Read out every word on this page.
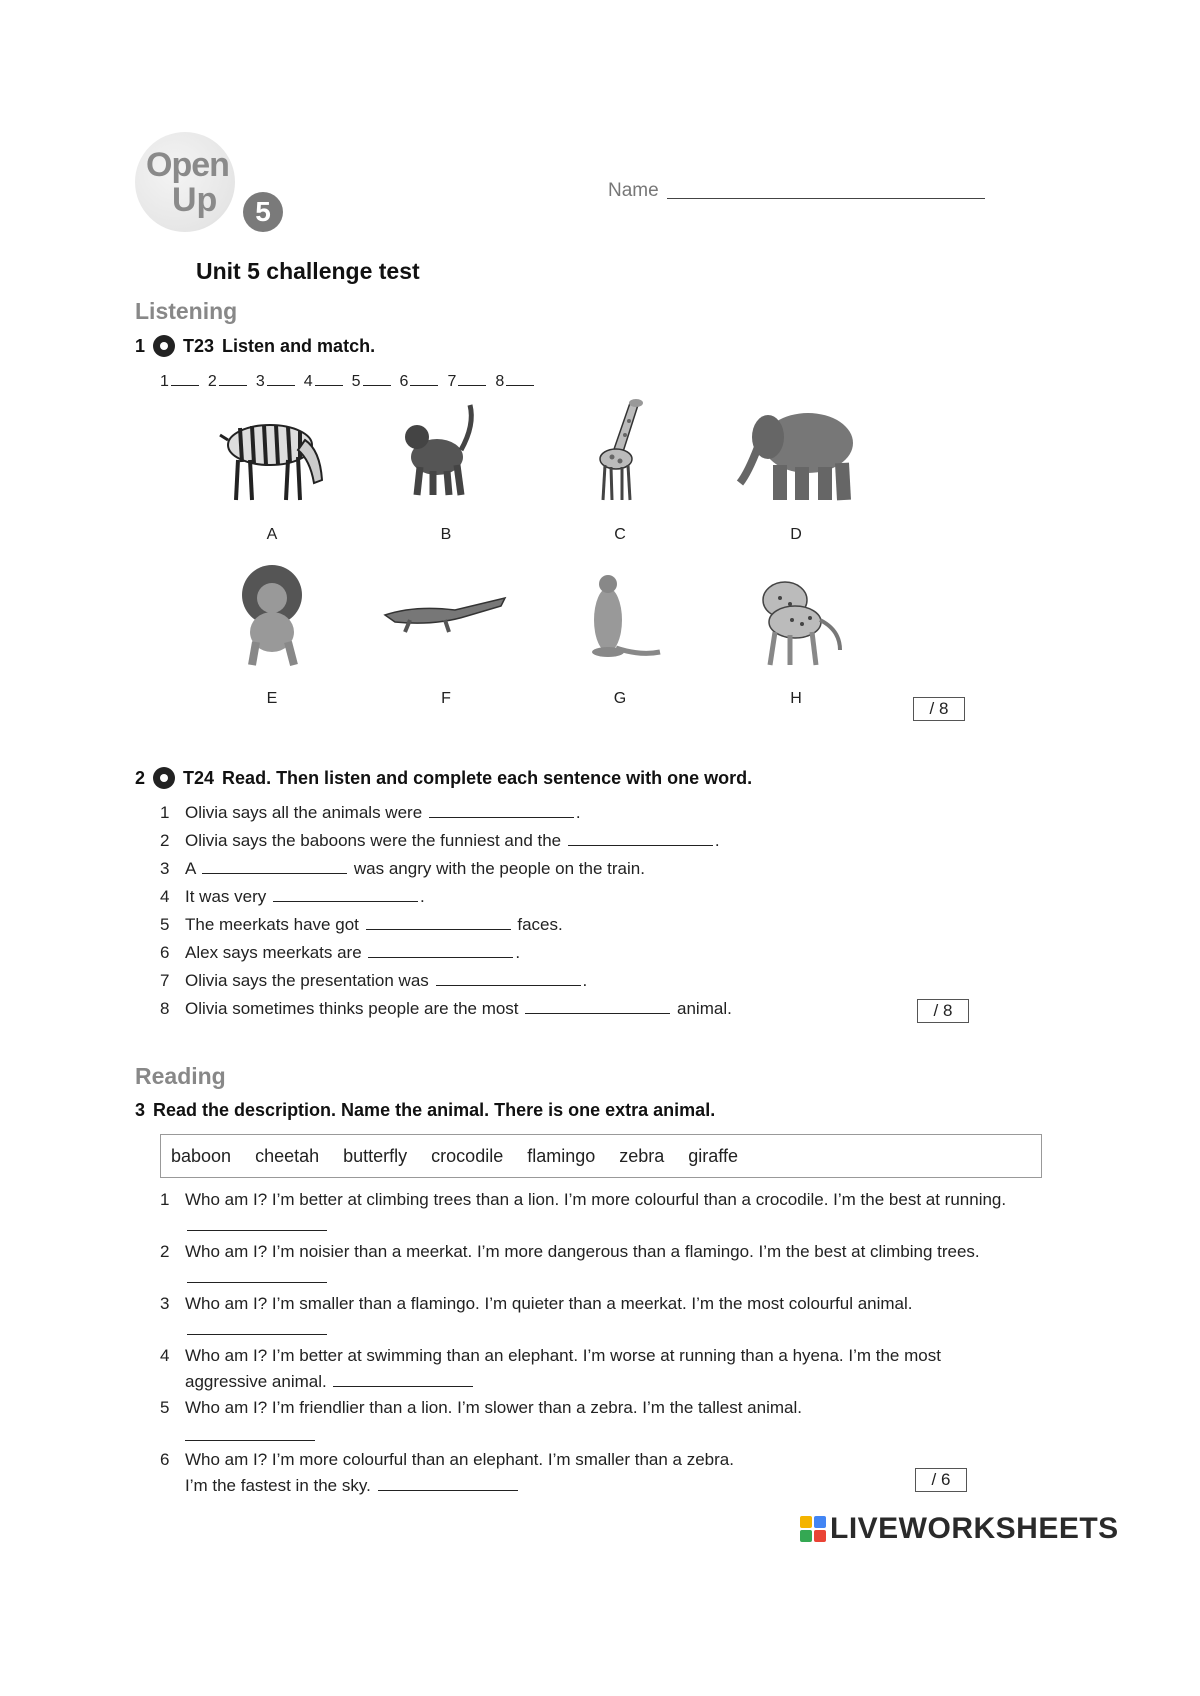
Open
Up	5
Name
Unit 5 challenge test
Listening
1 T23 Listen and match.
1	2	3	4	5	6	7	8
A	B	C	D
E	F	G	H
/ 8
2 T24 Read. Then listen and complete each sentence with one word.
1 Olivia says all the animals were	.
2 Olivia says the baboons were the funniest and the	.
3 A	was angry with the people on the train.
4 It was very	.
5 The meerkats have got	faces.
6 Alex says meerkats are	.
7 Olivia says the presentation was	.
8 Olivia sometimes thinks people are the most	animal.	/ 8
Reading
3 Read the description. Name the animal. There is one extra animal.
baboon cheetah butterfly crocodile flamingo zebra giraffe
1 Who am I? I’m better at climbing trees than a lion. I’m more colourful than a crocodile. I’m the best at running.
2 Who am I? I’m noisier than a meerkat. I’m more dangerous than a flamingo. I’m the best at climbing trees.
3 Who am I? I’m smaller than a flamingo. I’m quieter than a meerkat. I’m the most colourful animal.
4 Who am I? I’m better at swimming than an elephant. I’m worse at running than a hyena. I’m the most aggressive animal.
5 Who am I? I’m friendlier than a lion. I’m slower than a zebra. I’m the tallest animal.
6 Who am I? I’m more colourful than an elephant. I’m smaller than a zebra.
I’m the fastest in the sky.	/ 6
LIVEWORKSHEETS
